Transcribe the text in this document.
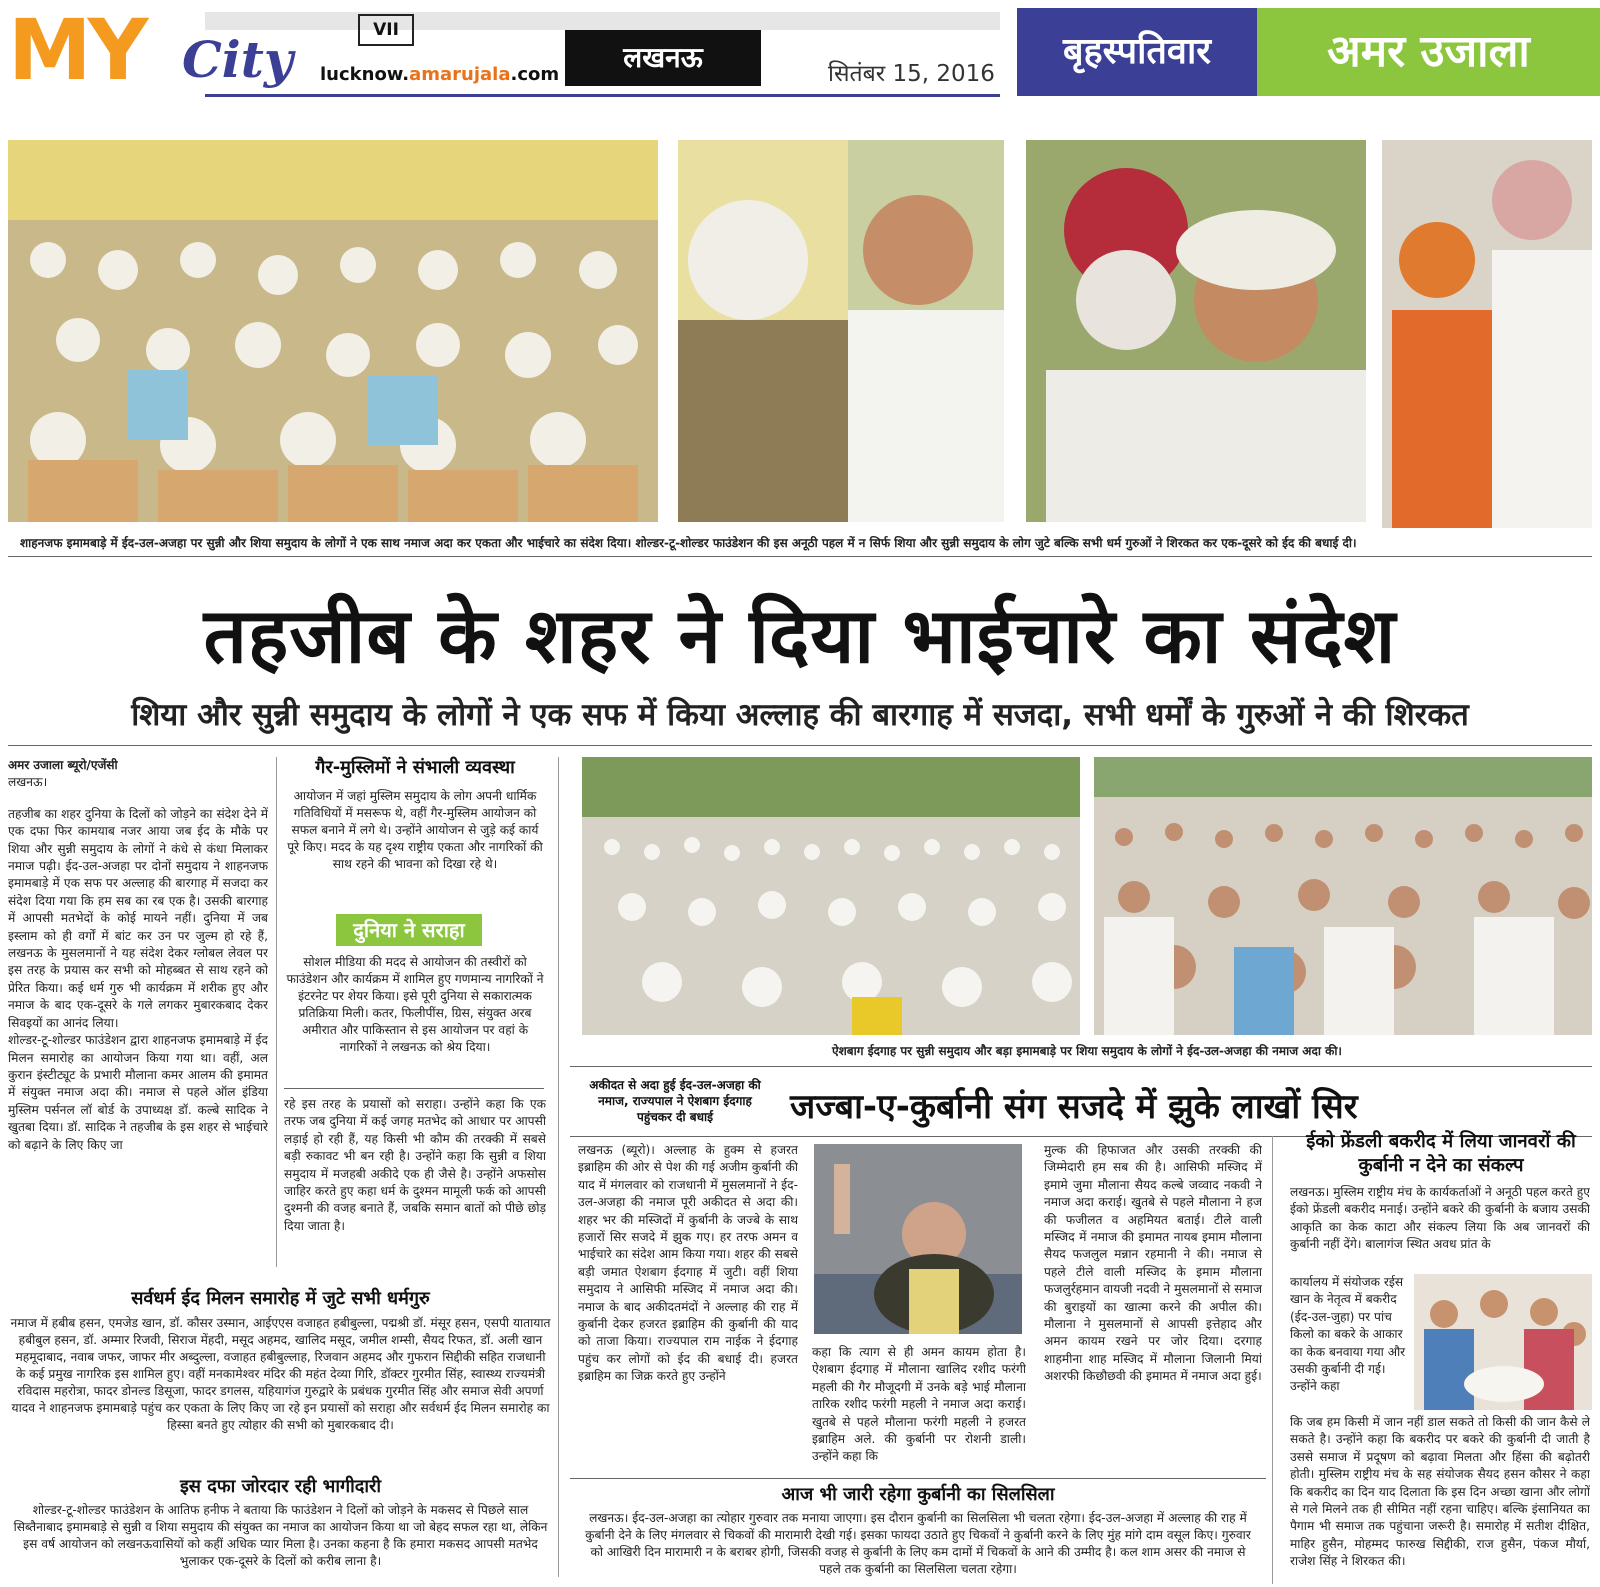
MY City	VII
lucknow.amarujala.com
लखनऊ	सितंबर 15, 2016
बृहस्पतिवार	अमर उजाला
शाहनजफ इमामबाड़े में ईद-उल-अजहा पर सुन्नी और शिया समुदाय के लोगों ने एक साथ नमाज अदा कर एकता और भाईचारे का संदेश दिया। शोल्डर-टू-शोल्डर फाउंडेशन की इस अनूठी पहल में न सिर्फ शिया और सुन्नी समुदाय के लोग जुटे बल्कि सभी धर्म गुरुओं ने शिरकत कर एक-दूसरे को ईद की बधाई दी।
तहजीब के शहर ने दिया भाईचारे का संदेश
शिया और सुन्नी समुदाय के लोगों ने एक सफ में किया अल्लाह की बारगाह में सजदा, सभी धर्मों के गुरुओं ने की शिरकत

अमर उजाला ब्यूरो/एजेंसी

लखनऊ।

तहजीब का शहर दुनिया के दिलों को जोड़ने का संदेश देने में एक दफा फिर कामयाब नजर आया जब ईद के मौके पर शिया और सुन्नी समुदाय के लोगों ने कंधे से कंधा मिलाकर नमाज पढ़ी। ईद-उल-अजहा पर दोनों समुदाय ने शाहनजफ इमामबाड़े में एक सफ पर अल्लाह की बारगाह में सजदा कर संदेश दिया गया कि हम सब का रब एक है। उसकी बारगाह में आपसी मतभेदों के कोई मायने नहीं। दुनिया में जब इस्लाम को ही वर्गों में बांट कर उन पर जुल्म हो रहे हैं, लखनऊ के मुसलमानों ने यह संदेश देकर ग्लोबल लेवल पर इस तरह के प्रयास कर सभी को मोहब्बत से साथ रहने को प्रेरित किया। कई धर्म गुरु भी कार्यक्रम में शरीक हुए और नमाज के बाद एक-दूसरे के गले लगकर मुबारकबाद देकर सिवइयों का आनंद लिया।

शोल्डर-टू-शोल्डर फाउंडेशन द्वारा शाहनजफ इमामबाड़े में ईद मिलन समारोह का आयोजन किया गया था। वहीं, अल कुरान इंस्टीट्यूट के प्रभारी मौलाना कमर आलम की इमामत में संयुक्त नमाज अदा की। नमाज से पहले ऑल इंडिया मुस्लिम पर्सनल लॉ बोर्ड के उपाध्यक्ष डॉ. कल्बे सादिक ने खुतबा दिया। डॉ. सादिक ने तहजीब के इस शहर से भाईचारे को बढ़ाने के लिए किए जा

गैर-मुस्लिमों ने संभाली व्यवस्था
आयोजन में जहां मुस्लिम समुदाय के लोग अपनी धार्मिक गतिविधियों में मसरूफ थे, वहीं गैर-मुस्लिम आयोजन को सफल बनाने में लगे थे। उन्होंने आयोजन से जुड़े कई कार्य पूरे किए। मदद के यह दृश्य राष्ट्रीय एकता और नागरिकों की साथ रहने की भावना को दिखा रहे थे।
दुनिया ने सराहा
सोशल मीडिया की मदद से आयोजन की तस्वीरों को फाउंडेशन और कार्यक्रम में शामिल हुए गणमान्य नागरिकों ने इंटरनेट पर शेयर किया। इसे पूरी दुनिया से सकारात्मक प्रतिक्रिया मिली। कतर, फिलीपींस, ग्रिस, संयुक्त अरब अमीरात और पाकिस्तान से इस आयोजन पर वहां के नागरिकों ने लखनऊ को श्रेय दिया।

रहे इस तरह के प्रयासों को सराहा। उन्होंने कहा कि एक तरफ जब दुनिया में कई जगह मतभेद को आधार पर आपसी लड़ाई हो रही हैं, यह किसी भी कौम की तरक्की में सबसे बड़ी रुकावट भी बन रही है। उन्होंने कहा कि सुन्नी व शिया समुदाय में मजहबी अकीदे एक ही जैसे है। उन्होंने अफसोस जाहिर करते हुए कहा धर्म के दुश्मन मामूली फर्क को आपसी दुश्मनी की वजह बनाते हैं, जबकि समान बातों को पीछे छोड़ दिया जाता है।

सर्वधर्म ईद मिलन समारोह में जुटे सभी धर्मगुरु
नमाज में हबीब हसन, एमजेड खान, डॉ. कौसर उस्मान, आईएएस वजाहत हबीबुल्ला, पद्मश्री डॉ. मंसूर हसन, एसपी यातायात हबीबुल हसन, डॉ. अम्मार रिजवी, सिराज मेंहदी, मसूद अहमद, खालिद मसूद, जमील शम्सी, सैयद रिफत, डॉ. अली खान महमूदाबाद, नवाब जफर, जाफर मीर अब्दुल्ला, वजाहत हबीबुल्लाह, रिजवान अहमद और गुफरान सिद्दीकी सहित राजधानी के कई प्रमुख नागरिक इस शामिल हुए। वहीं मनकामेश्वर मंदिर की महंत देव्या गिरि, डॉक्टर गुरमीत सिंह, स्वास्थ्य राज्यमंत्री रविदास महरोत्रा, फादर डोनल्ड डिसूजा, फादर डगलस, यहियागंज गुरुद्वारे के प्रबंधक गुरमीत सिंह और समाज सेवी अपर्णा यादव ने शाहनजफ इमामबाड़े पहुंच कर एकता के लिए किए जा रहे इन प्रयासों को सराहा और सर्वधर्म ईद मिलन समारोह का हिस्सा बनते हुए त्योहार की सभी को मुबारकबाद दी।
इस दफा जोरदार रही भागीदारी
शोल्डर-टू-शोल्डर फाउंडेशन के आतिफ हनीफ ने बताया कि फाउंडेशन ने दिलों को जोड़ने के मकसद से पिछले साल सिब्तैनाबाद इमामबाड़े से सुन्नी व शिया समुदाय की संयुक्त का नमाज का आयोजन किया था जो बेहद सफल रहा था, लेकिन इस वर्ष आयोजन को लखनऊवासियों को कहीं अधिक प्यार मिला है। उनका कहना है कि हमारा मकसद आपसी मतभेद भुलाकर एक-दूसरे के दिलों को करीब लाना है।
ऐशबाग ईदगाह पर सुन्नी समुदाय और बड़ा इमामबाड़े पर शिया समुदाय के लोगों ने ईद-उल-अजहा की नमाज अदा की।
अकीदत से अदा हुई ईद-उल-अजहा की नमाज, राज्यपाल ने ऐशबाग ईदगाह पहुंचकर दी बधाई	जज्बा-ए-कुर्बानी संग सजदे में झुके लाखों सिर
लखनऊ (ब्यूरो)। अल्लाह के हुक्म से हजरत इब्राहिम की ओर से पेश की गई अजीम कुर्बानी की याद में मंगलवार को राजधानी में मुसलमानों ने ईद-उल-अजहा की नमाज पूरी अकीदत से अदा की। शहर भर की मस्जिदों में कुर्बानी के जज्बे के साथ हजारों सिर सजदे में झुक गए। हर तरफ अमन व भाईचारे का संदेश आम किया गया। शहर की सबसे बड़ी जमात ऐशबाग ईदगाह में जुटी। वहीं शिया समुदाय ने आसिफी मस्जिद में नमाज अदा की। नमाज के बाद अकीदतमंदों ने अल्लाह की राह में कुर्बानी देकर हजरत इब्राहिम की कुर्बानी की याद को ताजा किया। राज्यपाल राम नाईक ने ईदगाह पहुंच कर लोगों को ईद की बधाई दी। हजरत इब्राहिम का जिक्र करते हुए उन्होंने
कहा कि त्याग से ही अमन कायम होता है। ऐशबाग ईदगाह में मौलाना खालिद रशीद फरंगी महली की गैर मौजूदगी में उनके बड़े भाई मौलाना तारिक रशीद फरंगी महली ने नमाज अदा कराई। खुतबे से पहले मौलाना फरंगी महली ने हजरत इब्राहिम अले. की कुर्बानी पर रोशनी डाली। उन्होंने कहा कि
मुल्क की हिफाजत और उसकी तरक्की की जिम्मेदारी हम सब की है। आसिफी मस्जिद में इमामे जुमा मौलाना सैयद कल्बे जव्वाद नकवी ने नमाज अदा कराई। खुतबे से पहले मौलाना ने हज की फजीलत व अहमियत बताई। टीले वाली मस्जिद में नमाज की इमामत नायब इमाम मौलाना सैयद फजलुल मन्नान रहमानी ने की। नमाज से पहले टीले वाली मस्जिद के इमाम मौलाना फजलुर्रहमान वायजी नदवी ने मुसलमानों से समाज की बुराइयों का खात्मा करने की अपील की। मौलाना ने मुसलमानों से आपसी इत्तेहाद और अमन कायम रखने पर जोर दिया। दरगाह शाहमीना शाह मस्जिद में मौलाना जिलानी मियां अशरफी किछौछवी की इमामत में नमाज अदा हुई।
आज भी जारी रहेगा कुर्बानी का सिलसिला
लखनऊ। ईद-उल-अजहा का त्योहार गुरुवार तक मनाया जाएगा। इस दौरान कुर्बानी का सिलसिला भी चलता रहेगा। ईद-उल-अजहा में अल्लाह की राह में कुर्बानी देने के लिए मंगलवार से चिकवों की मारामारी देखी गई। इसका फायदा उठाते हुए चिकवों ने कुर्बानी करने के लिए मुंह मांगे दाम वसूल किए। गुरुवार को आखिरी दिन मारामारी न के बराबर होगी, जिसकी वजह से कुर्बानी के लिए कम दामों में चिकवों के आने की उम्मीद है। कल शाम असर की नमाज से पहले तक कुर्बानी का सिलसिला चलता रहेगा।
ईको फ्रेंडली बकरीद में लिया जानवरों की कुर्बानी न देने का संकल्प
लखनऊ। मुस्लिम राष्ट्रीय मंच के कार्यकर्ताओं ने अनूठी पहल करते हुए ईको फ्रेंडली बकरीद मनाई। उन्होंने बकरे की कुर्बानी के बजाय उसकी आकृति का केक काटा और संकल्प लिया कि अब जानवरों की कुर्बानी नहीं देंगे। बालागंज स्थित अवध प्रांत के
कार्यालय में संयोजक रईस खान के नेतृत्व में बकरीद (ईद-उल-जुहा) पर पांच किलो का बकरे के आकार का केक बनवाया गया और उसकी कुर्बानी दी गई। उन्होंने कहा
कि जब हम किसी में जान नहीं डाल सकते तो किसी की जान कैसे ले सकते है। उन्होंने कहा कि बकरीद पर बकरे की कुर्बानी दी जाती है उससे समाज में प्रदूषण को बढ़ावा मिलता और हिंसा की बढ़ोतरी होती। मुस्लिम राष्ट्रीय मंच के सह संयोजक सैयद हसन कौसर ने कहा कि बकरीद का दिन याद दिलाता कि इस दिन अच्छा खाना और लोगों से गले मिलने तक ही सीमित नहीं रहना चाहिए। बल्कि इंसानियत का पैगाम भी समाज तक पहुंचाना जरूरी है। समारोह में सतीश दीक्षित, माहिर हुसैन, मोहम्मद फारुख सिद्दीकी, राज हुसैन, पंकज मौर्या, राजेश सिंह ने शिरकत की।
